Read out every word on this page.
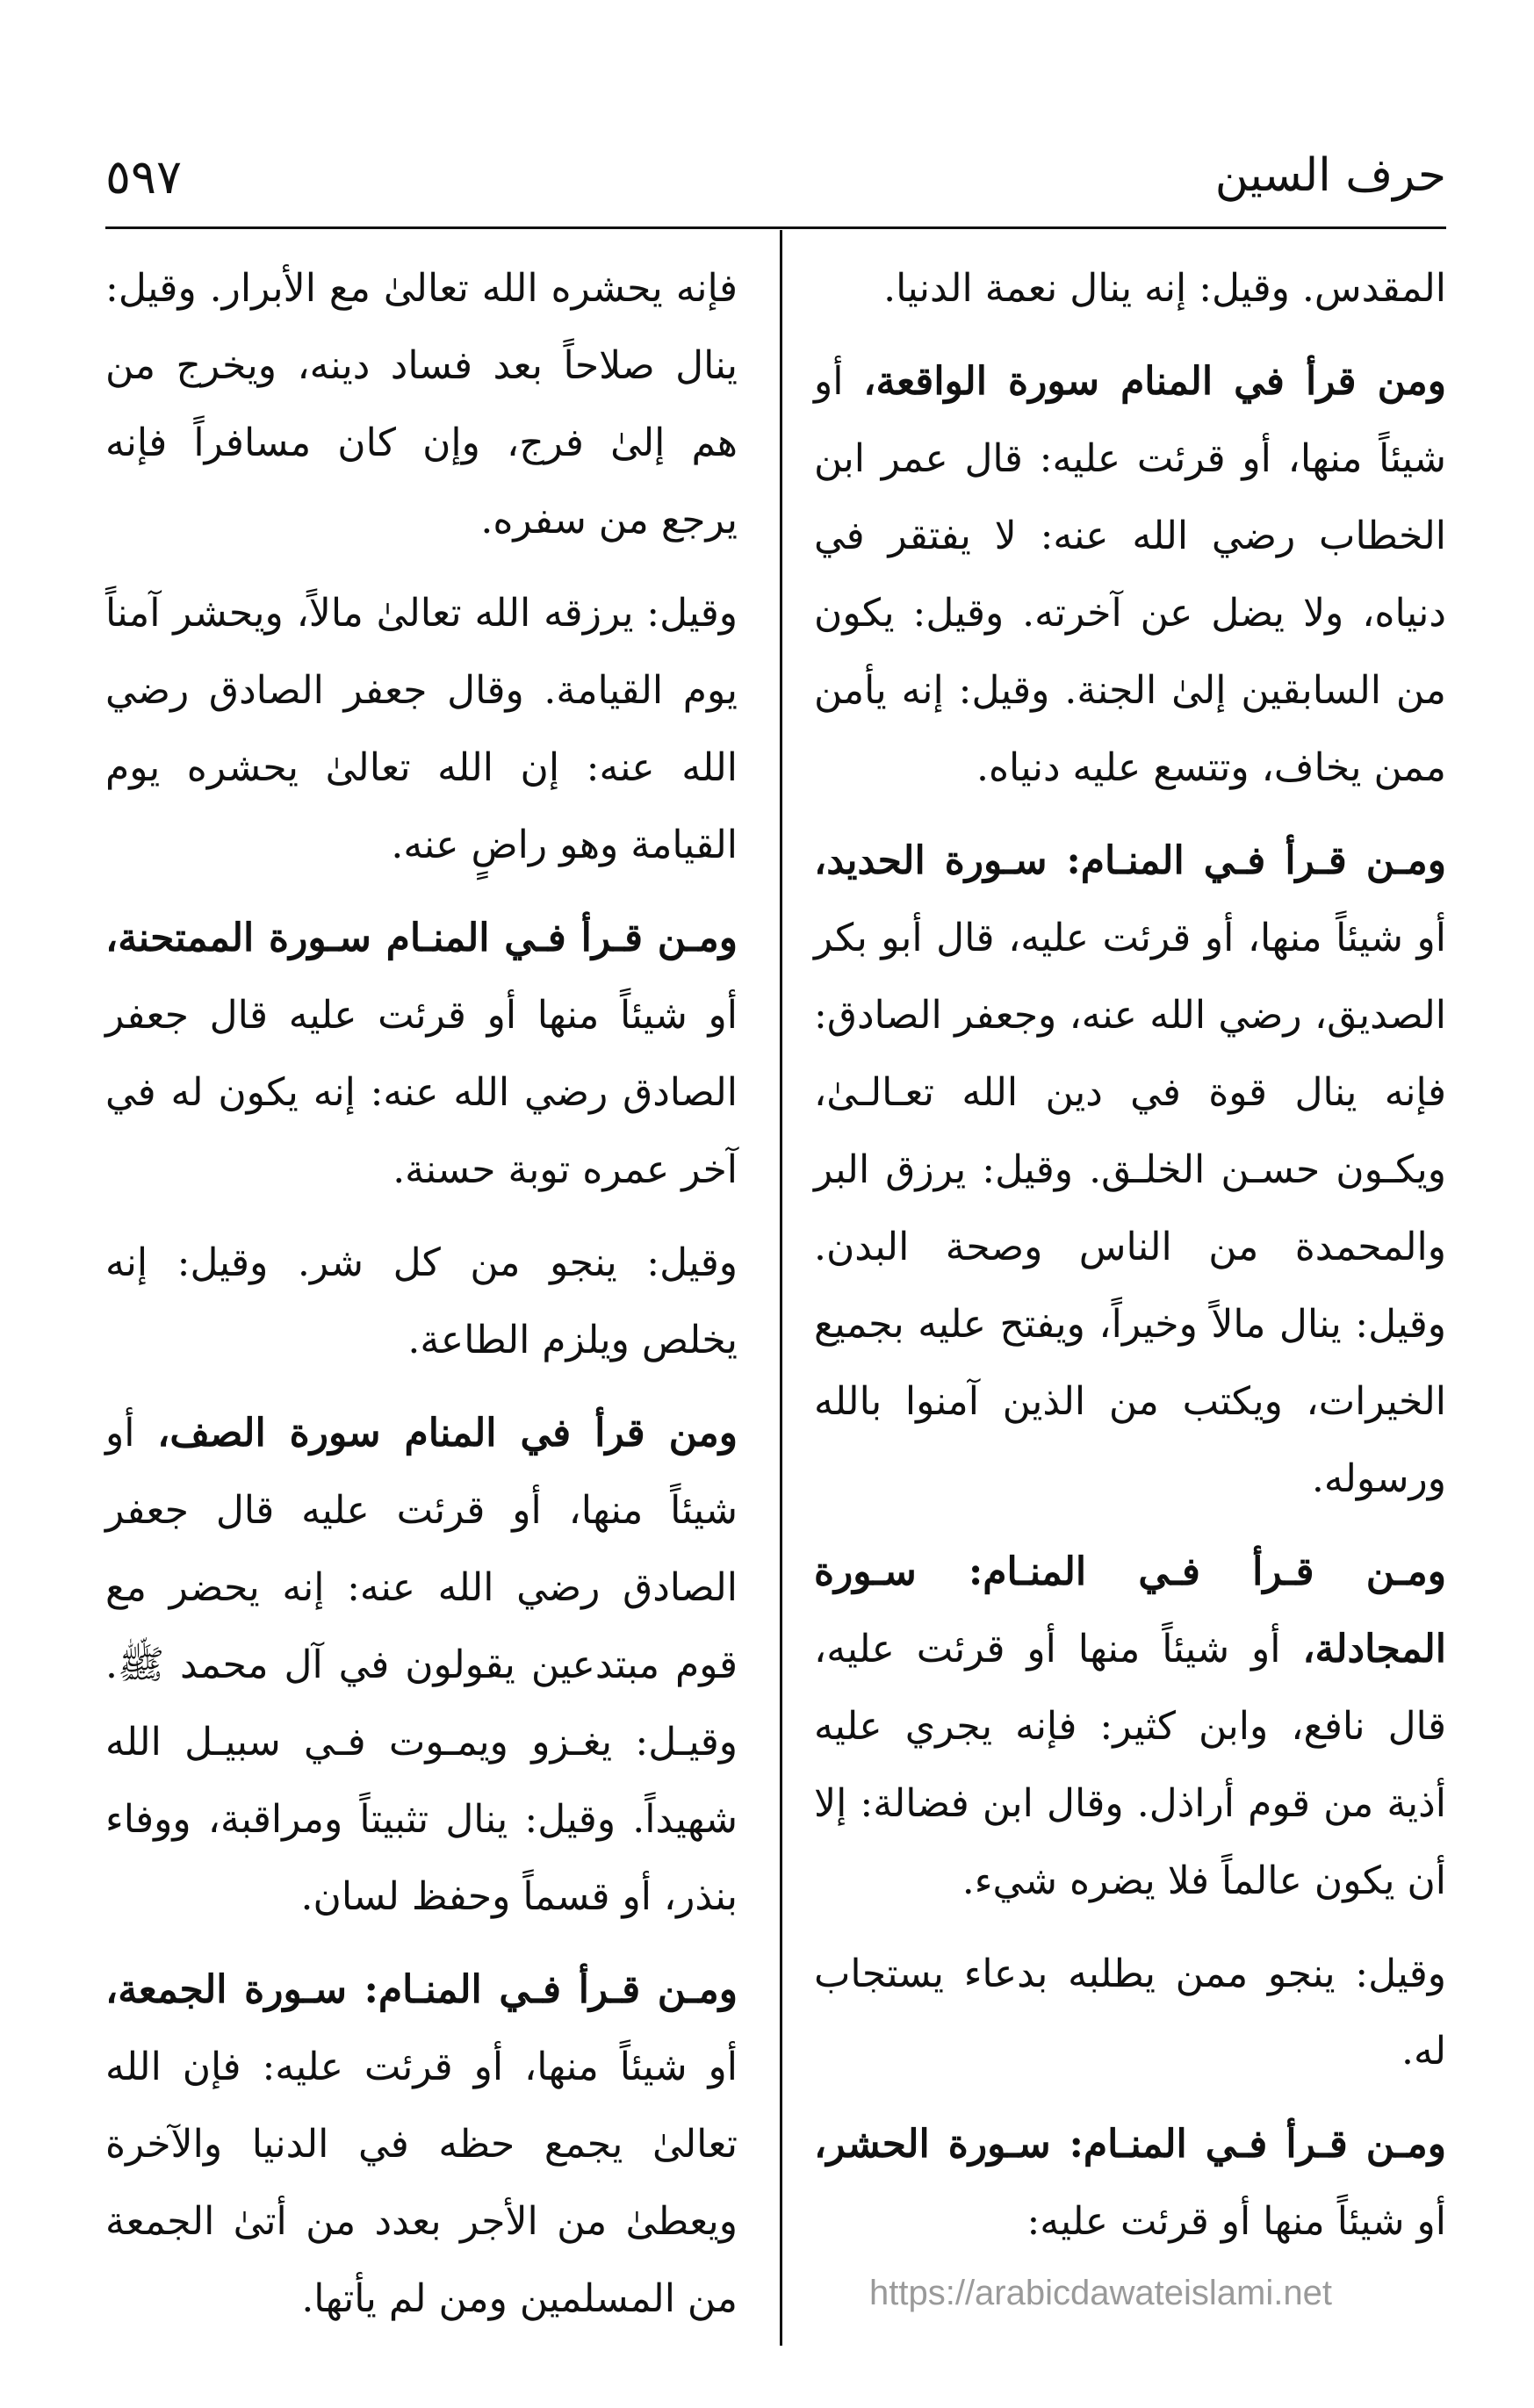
حرف السين
٥٩٧

المقدس. وقيل: إنه ينال نعمة الدنيا.

ومن قرأ في المنام سورة الواقعة، أو شيئاً منها، أو قرئت عليه: قال عمر ابن الخطاب رضي الله عنه: لا يفتقر في دنياه، ولا يضل عن آخرته. وقيل: يكون من السابقين إلىٰ الجنة. وقيل: إنه يأمن ممن يخاف، وتتسع عليه دنياه.

ومـن قـرأ فـي المنـام: سـورة الحديد، أو شيئاً منها، أو قرئت عليه، قال أبو بكر الصديق، رضي الله عنه، وجعفر الصادق: فإنه ينال قوة في دين الله تعـالـىٰ، ويكـون حسـن الخلـق. وقيل: يرزق البر والمحمدة من الناس وصحة البدن. وقيل: ينال مالاً وخيراً، ويفتح عليه بجميع الخيرات، ويكتب من الذين آمنوا بالله ورسوله.

ومـن قـرأ فـي المنـام: سـورة المجادلة، أو شيئاً منها أو قرئت عليه، قال نافع، وابن كثير: فإنه يجري عليه أذية من قوم أراذل. وقال ابن فضالة: إلا أن يكون عالماً فلا يضره شيء.

وقيل: ينجو ممن يطلبه بدعاء يستجاب له.

ومـن قـرأ فـي المنـام: سـورة الحشر، أو شيئاً منها أو قرئت عليه:

فإنه يحشره الله تعالىٰ مع الأبرار. وقيل: ينال صلاحاً بعد فساد دينه، ويخرج من هم إلىٰ فرج، وإن كان مسافراً فإنه يرجع من سفره.

وقيل: يرزقه الله تعالىٰ مالاً، ويحشر آمناً يوم القيامة. وقال جعفر الصادق رضي الله عنه: إن الله تعالىٰ يحشره يوم القيامة وهو راضٍ عنه.

ومـن قـرأ فـي المنـام سـورة الممتحنة، أو شيئاً منها أو قرئت عليه قال جعفر الصادق رضي الله عنه: إنه يكون له في آخر عمره توبة حسنة.

وقيل: ينجو من كل شر. وقيل: إنه يخلص ويلزم الطاعة.

ومن قرأ في المنام سورة الصف، أو شيئاً منها، أو قرئت عليه قال جعفر الصادق رضي الله عنه: إنه يحضر مع قوم مبتدعين يقولون في آل محمد ﷺ. وقيـل: يغـزو ويمـوت فـي سبيـل الله شهيداً. وقيل: ينال تثبيتاً ومراقبة، ووفاء بنذر، أو قسماً وحفظ لسان.

ومـن قـرأ فـي المنـام: سـورة الجمعة، أو شيئاً منها، أو قرئت عليه: فإن الله تعالىٰ يجمع حظه في الدنيا والآخرة ويعطىٰ من الأجر بعدد من أتىٰ الجمعة من المسلمين ومن لم يأتها.	https://arabicdawateislami.net
